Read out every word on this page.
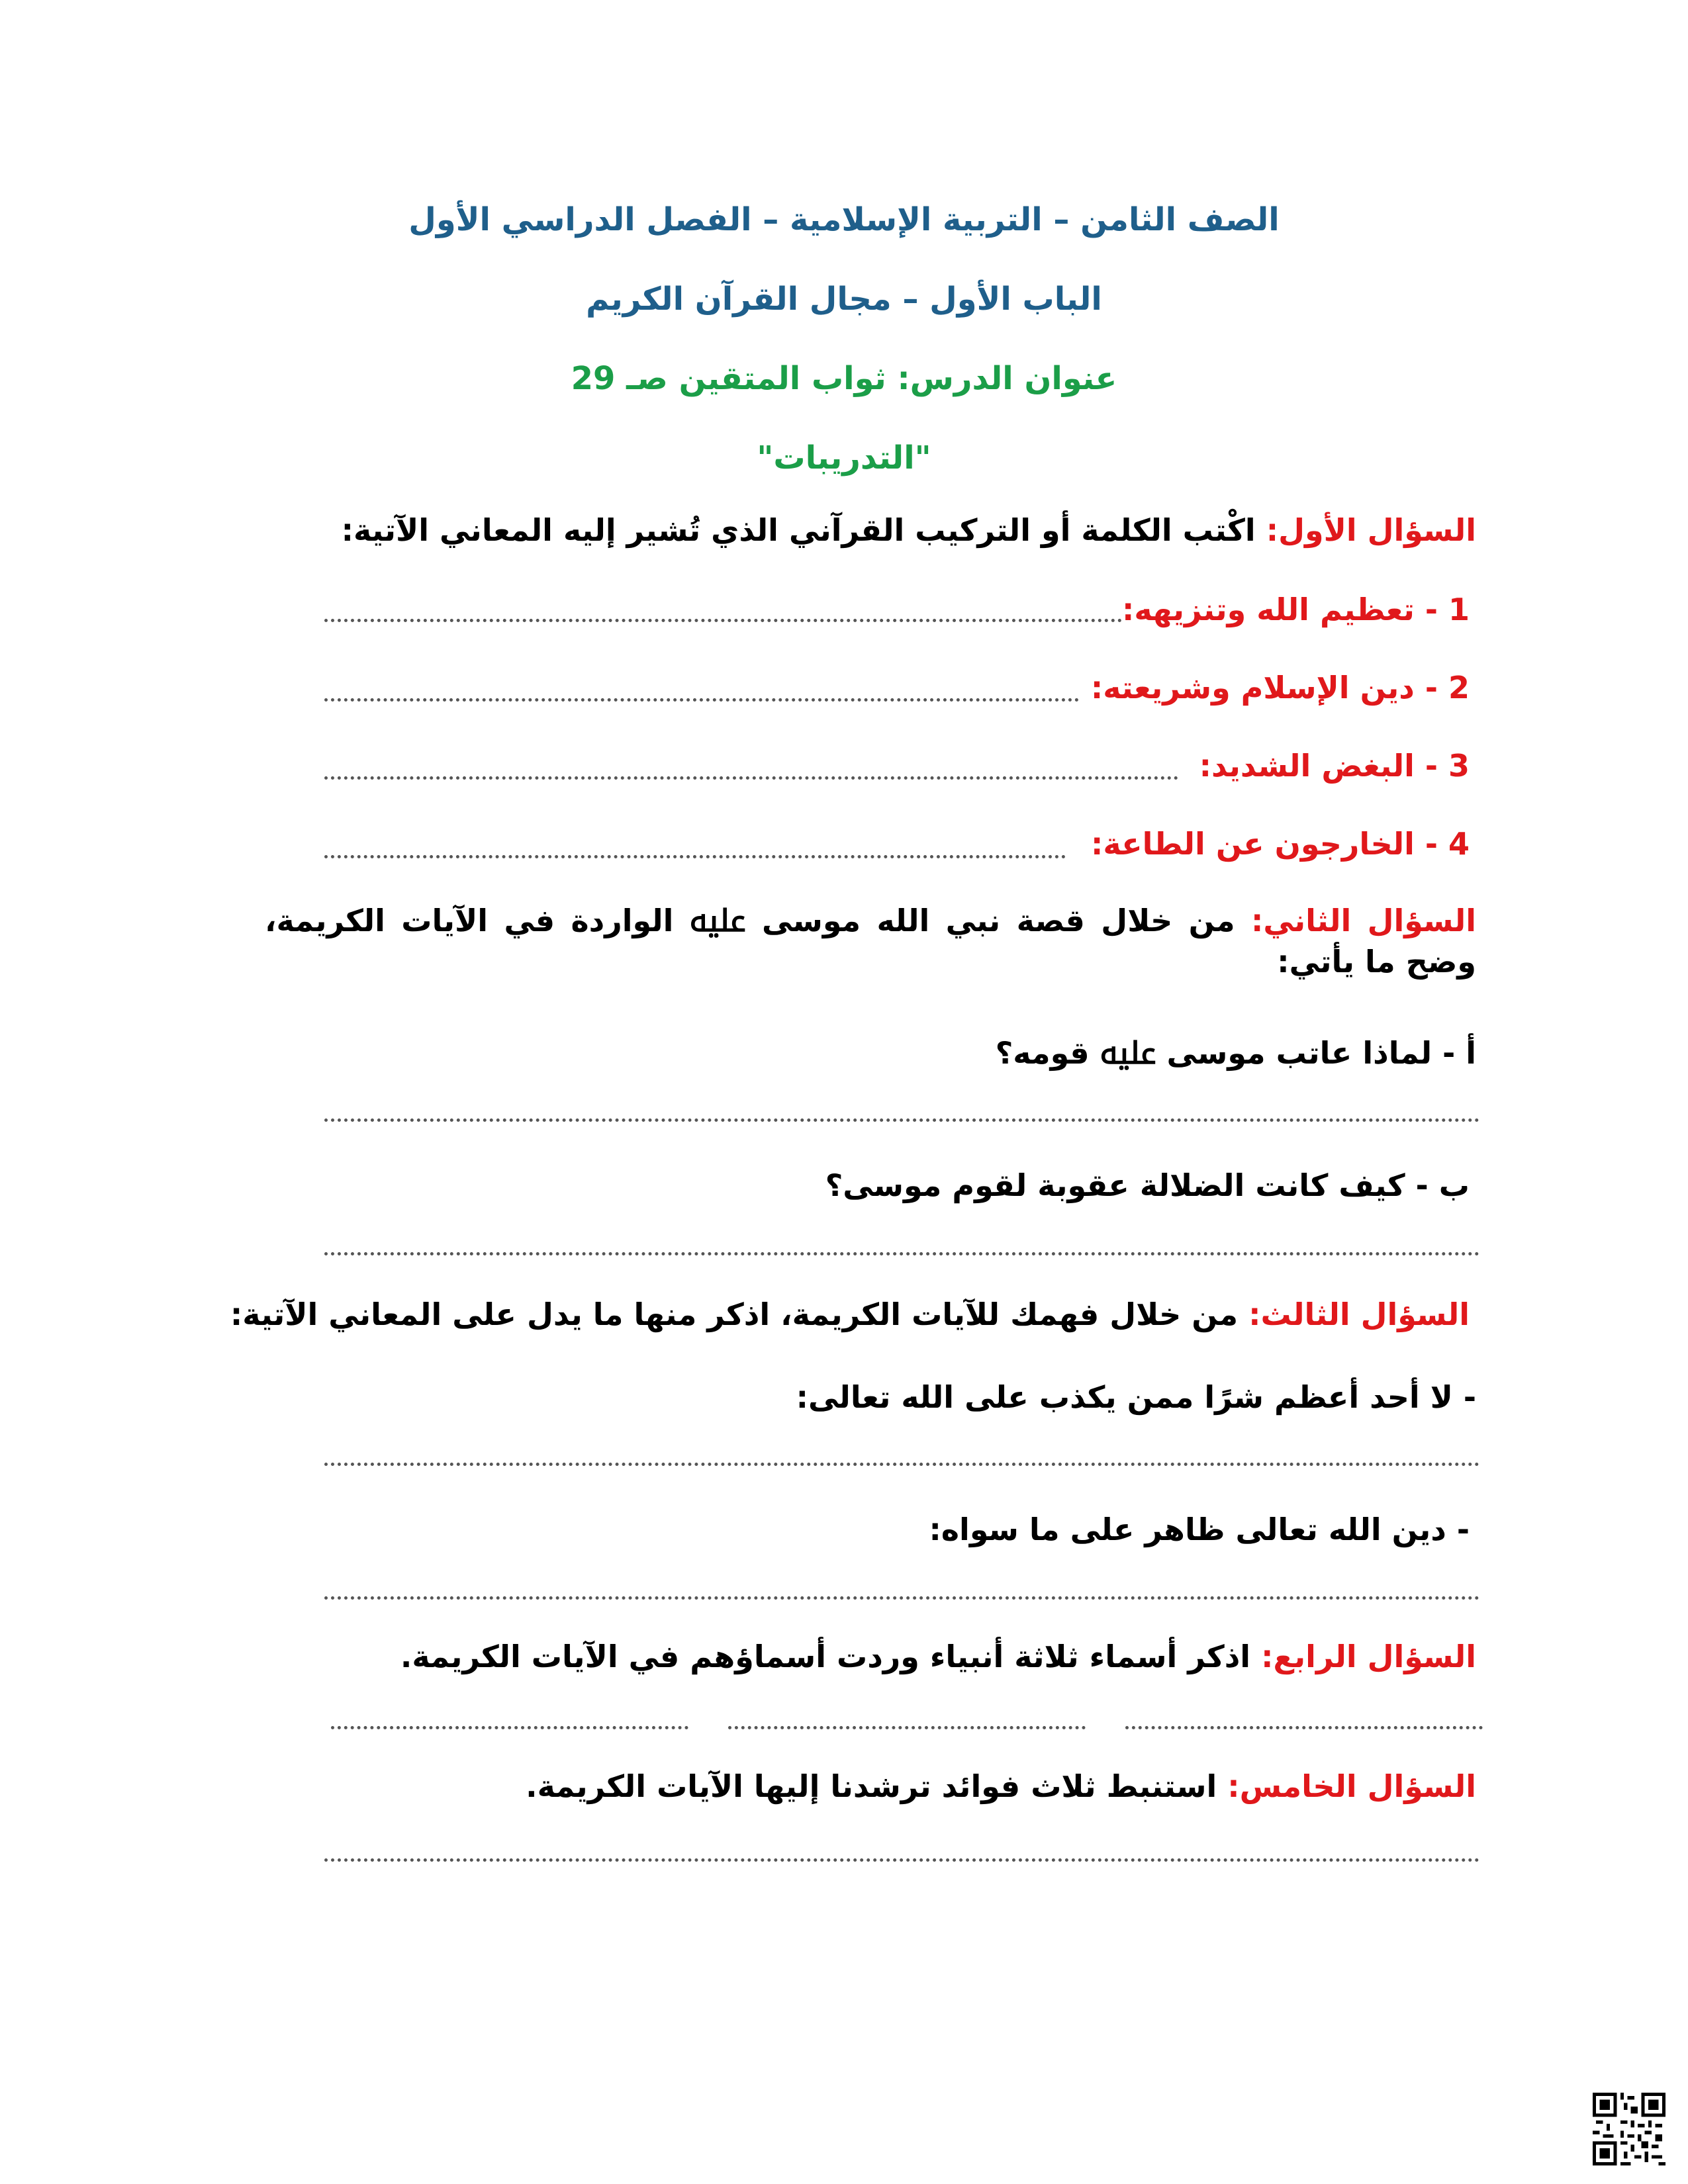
الصف الثامن – التربية الإسلامية – الفصل الدراسي الأول
الباب الأول – مجال القرآن الكريم
عنوان الدرس: ثواب المتقين صـ 29
"التدريبات"
السؤال الأول: اكْتب الكلمة أو التركيب القرآني الذي تُشير إليه المعاني الآتية:
1 - تعظيم الله وتنزيهه:
2 - دين الإسلام وشريعته:
3 - البغض الشديد:
4 - الخارجون عن الطاعة:
السؤال الثاني: من خلال قصة نبي الله موسى ﷷ الواردة في الآيات الكريمة، وضح ما يأتي:
أ - لماذا عاتب موسى ﷷ قومه؟
ب - كيف كانت الضلالة عقوبة لقوم موسى؟
السؤال الثالث: من خلال فهمك للآيات الكريمة، اذكر منها ما يدل على المعاني الآتية:
- لا أحد أعظم شرًا ممن يكذب على الله تعالى:
- دين الله تعالى ظاهر على ما سواه:
السؤال الرابع: اذكر أسماء ثلاثة أنبياء وردت أسماؤهم في الآيات الكريمة.
السؤال الخامس: استنبط ثلاث فوائد ترشدنا إليها الآيات الكريمة.
